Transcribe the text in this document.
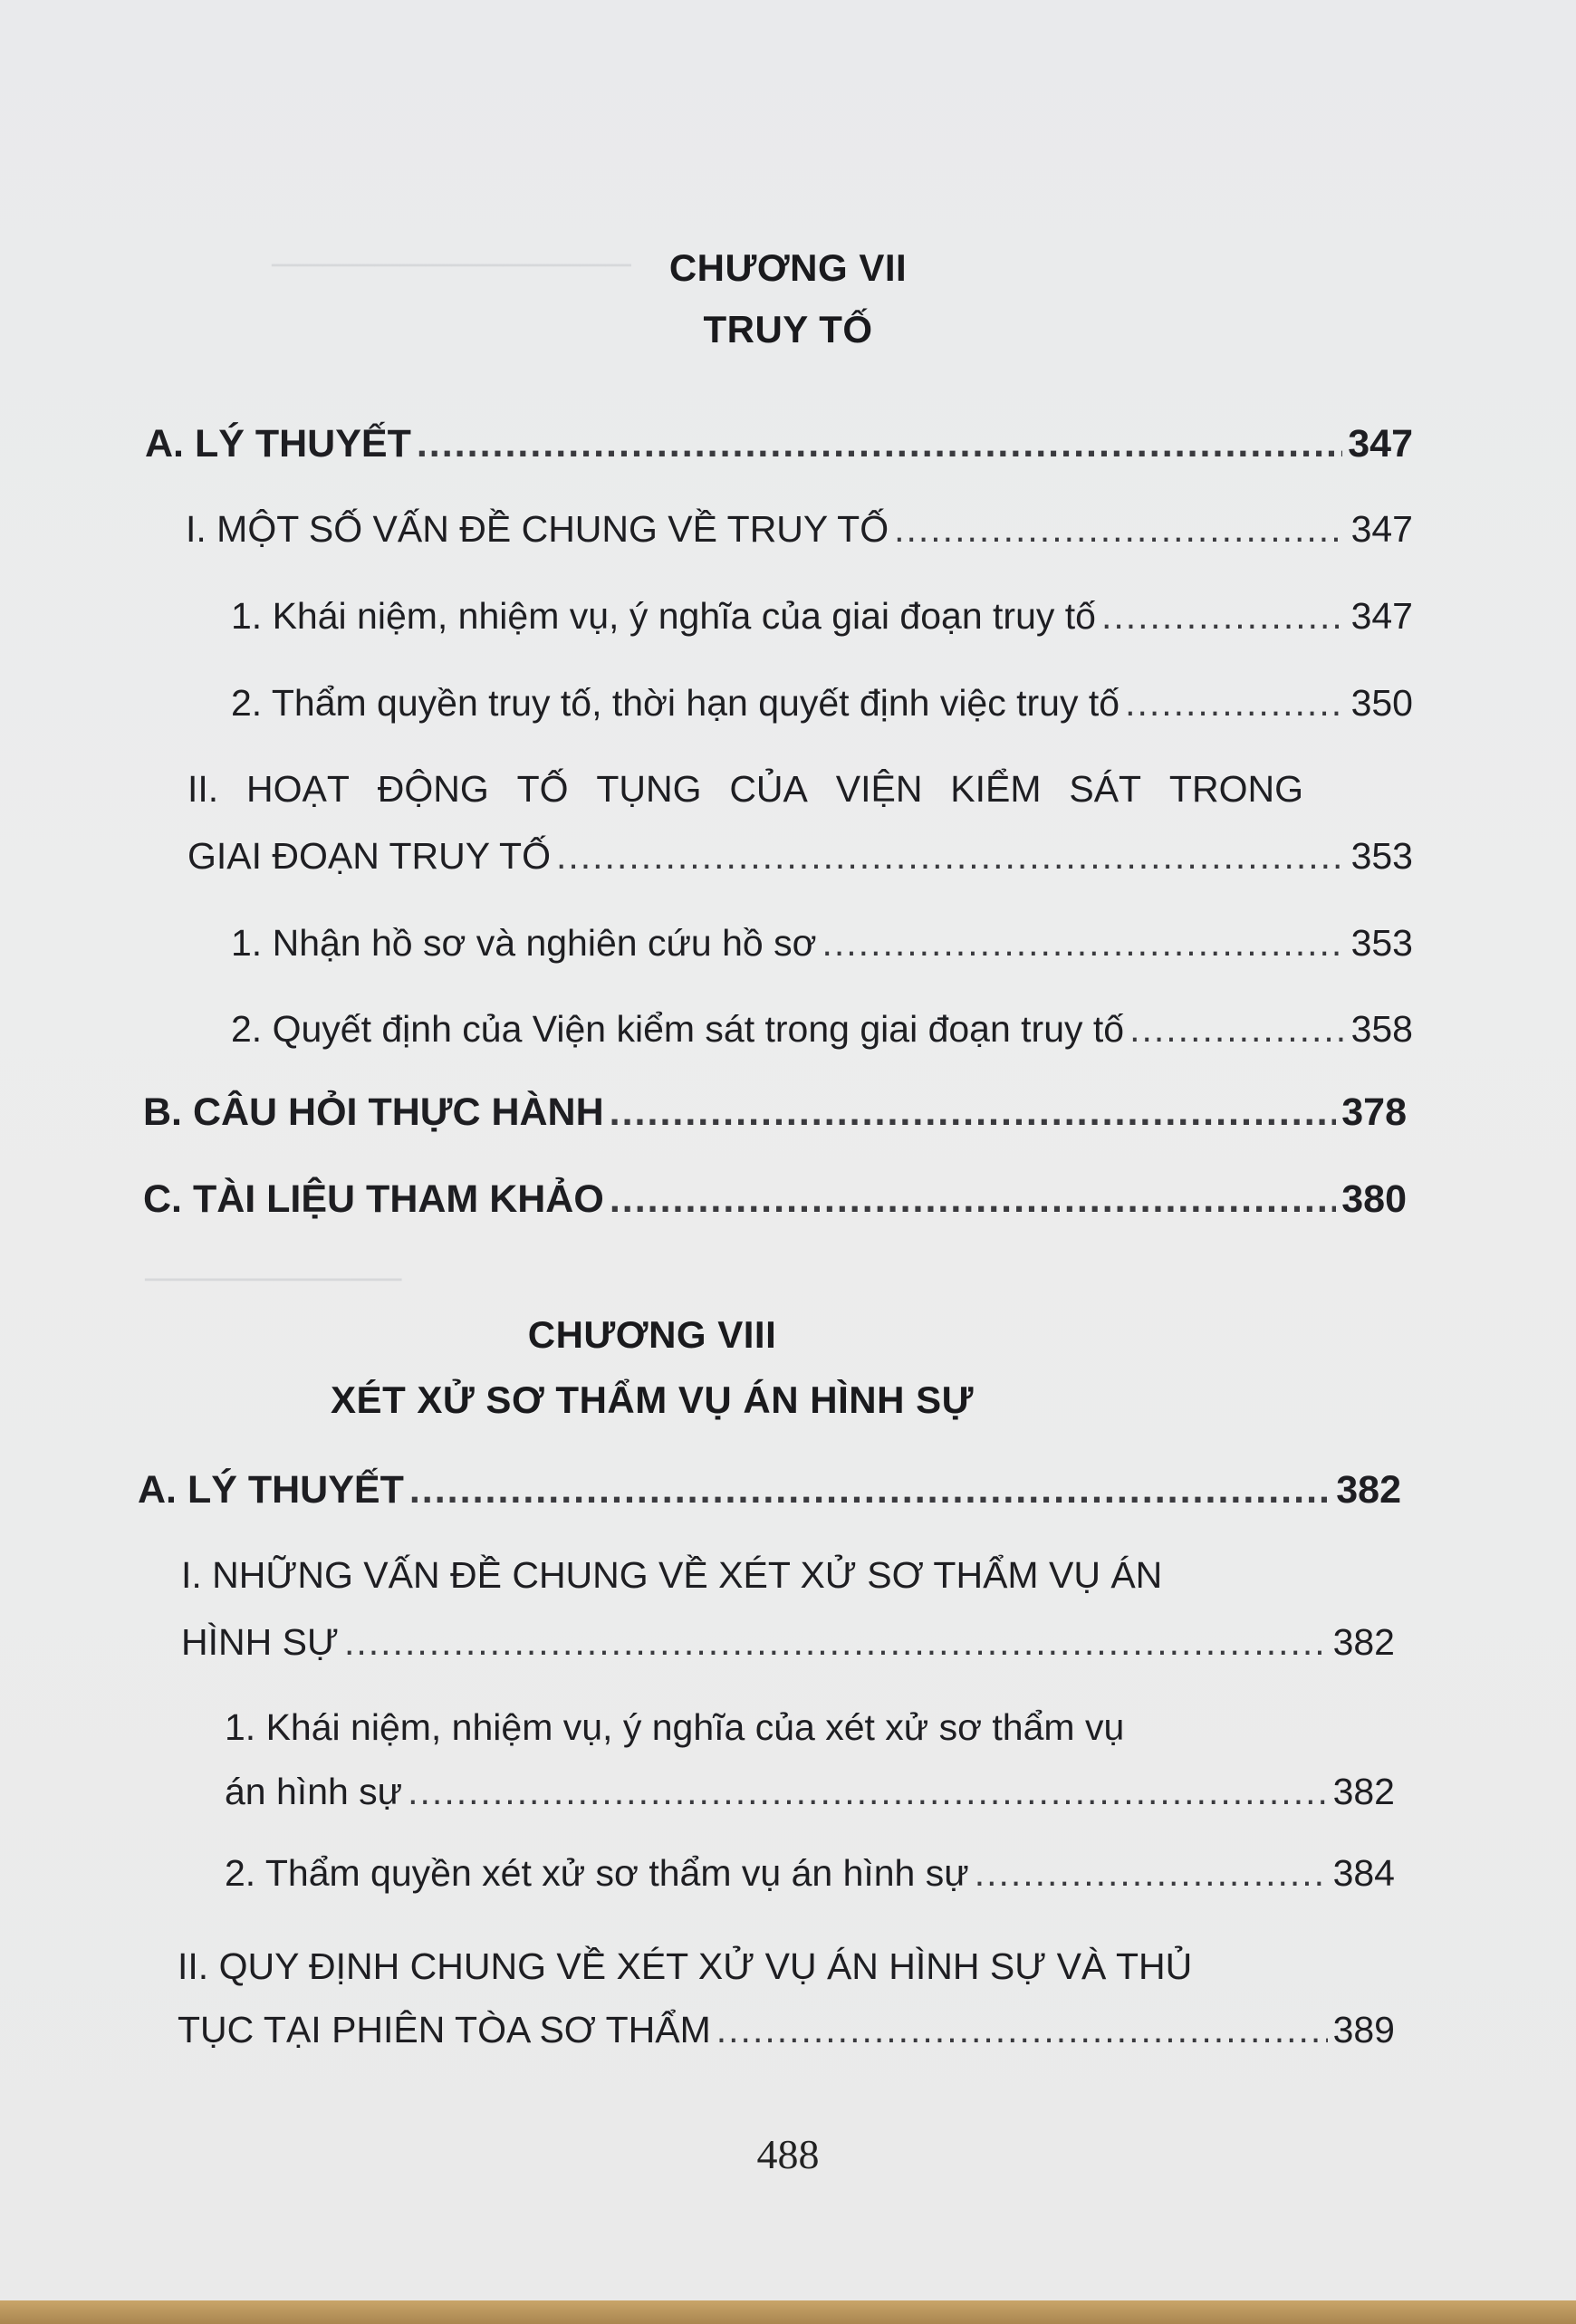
──────────────
──────────
CHƯƠNG VII
TRUY TỐ
A. LÝ THUYẾT .....	347
I. MỘT SỐ VẤN ĐỀ CHUNG VỀ TRUY TỐ .....	347
1. Khái niệm, nhiệm vụ, ý nghĩa của giai đoạn truy tố .....	347
2. Thẩm quyền truy tố, thời hạn quyết định việc truy tố .....	350
II. HOẠT ĐỘNG TỐ TỤNG CỦA VIỆN KIỂM SÁT TRONG
GIAI ĐOẠN TRUY TỐ .....	353
1. Nhận hồ sơ và nghiên cứu hồ sơ .....	353
2. Quyết định của Viện kiểm sát trong giai đoạn truy tố .....	358
B. CÂU HỎI THỰC HÀNH .....	378
C. TÀI LIỆU THAM KHẢO .....	380
CHƯƠNG VIII
XÉT XỬ SƠ THẨM VỤ ÁN HÌNH SỰ
A. LÝ THUYẾT .....	382
I. NHỮNG VẤN ĐỀ CHUNG VỀ XÉT XỬ SƠ THẨM VỤ ÁN
HÌNH SỰ .....	382
1. Khái niệm, nhiệm vụ, ý nghĩa của xét xử sơ thẩm vụ
án hình sự .....	382
2. Thẩm quyền xét xử sơ thẩm vụ án hình sự .....	384
II. QUY ĐỊNH CHUNG VỀ XÉT XỬ VỤ ÁN HÌNH SỰ VÀ THỦ
TỤC TẠI PHIÊN TÒA SƠ THẨM .....	389
488
